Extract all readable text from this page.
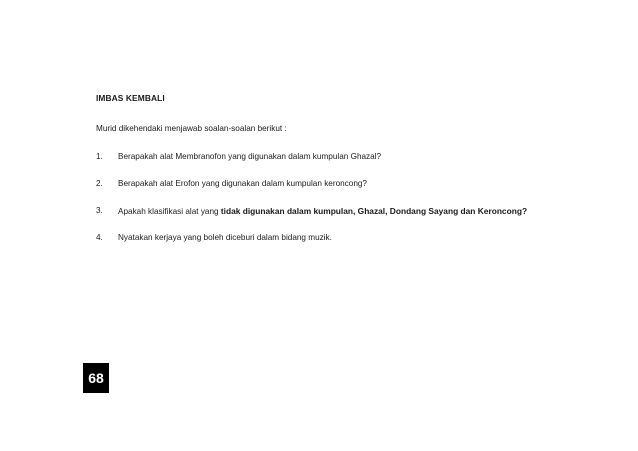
IMBAS KEMBALI
Murid dikehendaki menjawab soalan-soalan berikut :
1. Berapakah alat Membranofon yang digunakan dalam kumpulan Ghazal?
2. Berapakah alat Erofon yang digunakan dalam kumpulan keroncong?
3. Apakah klasifikasi alat yang tidak digunakan dalam kumpulan, Ghazal, Dondang Sayang dan Keroncong?
4. Nyatakan kerjaya yang boleh diceburi dalam bidang muzik.
68
